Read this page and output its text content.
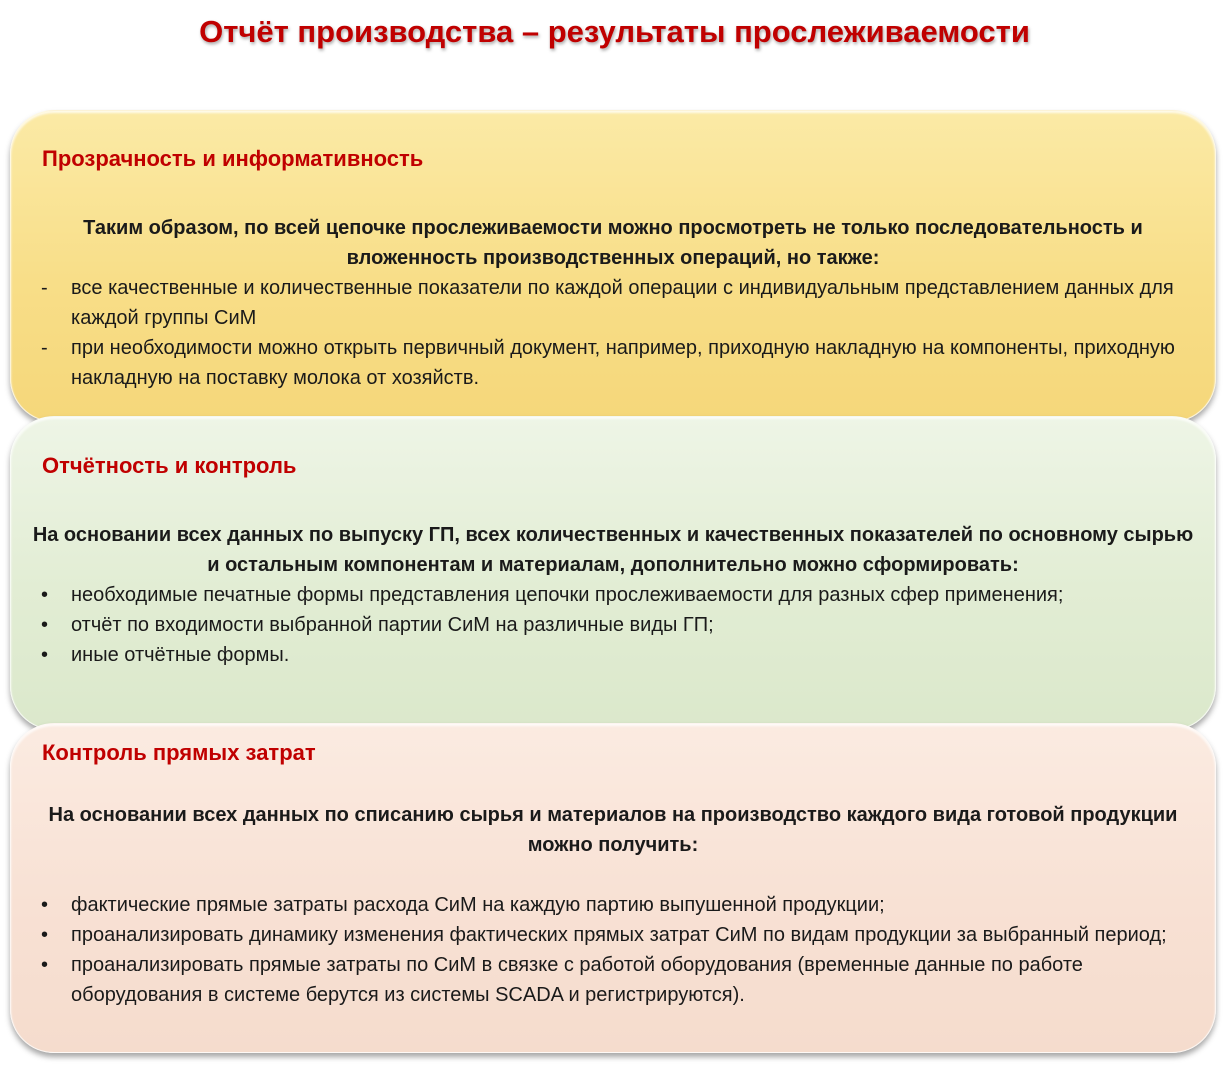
Отчёт производства – результаты прослеживаемости
Прозрачность и информативность
Таким образом, по всей цепочке прослеживаемости можно просмотреть не только последовательность и вложенность производственных операций, но также:
-	все качественные и количественные показатели по каждой операции с индивидуальным представлением данных для каждой группы СиМ
-	при необходимости можно открыть первичный документ, например, приходную накладную на компоненты, приходную накладную на поставку молока от хозяйств.
Отчётность и контроль
На основании всех данных по выпуску ГП, всех количественных и качественных показателей по основному сырью и остальным компонентам и материалам, дополнительно можно сформировать:
•	необходимые печатные формы представления цепочки прослеживаемости для разных сфер применения;
•	отчёт по входимости выбранной партии СиМ на различные виды ГП;
•	иные отчётные формы.
Контроль прямых затрат
На основании всех данных по списанию сырья и материалов на производство каждого вида готовой продукции можно получить:
•	фактические прямые затраты расхода СиМ на каждую партию выпушенной продукции;
•	проанализировать динамику изменения фактических прямых затрат СиМ по видам продукции за выбранный период;
•	проанализировать прямые затраты по СиМ в связке с работой оборудования (временные данные по работе оборудования в системе берутся из системы SCADA и регистрируются).
